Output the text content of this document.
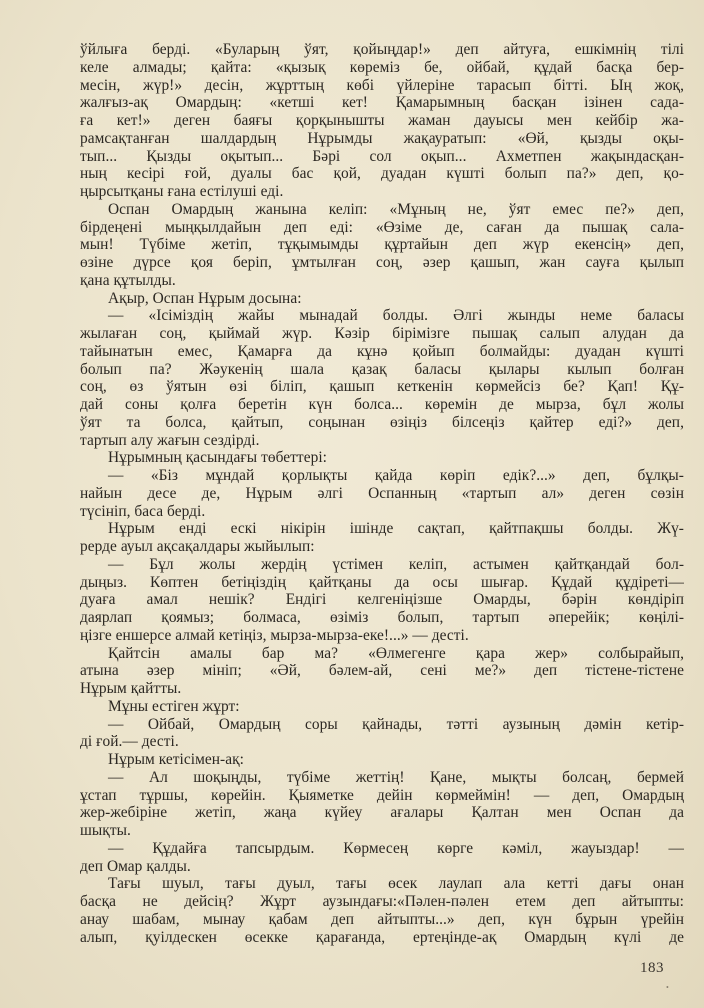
ўйлыға берді. «Буларың ўят, қойыңдар!» деп айтуға, ешкімнің тілі
келе алмады; қайта: «қызық көреміз бе, ойбай, құдай басқа бер-
месін, жүр!» десін, жұрттың көбі үйлеріне тарасып бітті. Ың жоқ,
жалғыз-ақ Омардың: «кетші кет! Қамарымның басқан ізінен сада-
ға кет!» деген баяғы қорқынышты жаман дауысы мен кейбір жа-
рамсақтанған шалдардың Нұрымды жақауратып: «Өй, қызды оқы-
тып... Қызды оқытып... Бәрі сол оқып... Ахметпен жақындасқан-
ның кесірі ғой, дуалы бас қой, дуадан күшті болып па?» деп, қо-
ңырсытқаны ғана естілуші еді.
Оспан Омардың жанына келіп: «Мұның не, ўят емес пе?» деп,
бірдеңені мыңқылдайын деп еді: «Өзіме де, саған да пышақ сала-
мын! Түбіме жетіп, тұқымымды құртайын деп жүр екенсің» деп,
өзіне дүрсе қоя беріп, ұмтылған соң, әзер қашып, жан сауға қылып
қана құтылды.
Ақыр, Оспан Нұрым досына:
— «Ісіміздің жайы мынадай болды. Әлгі жынды неме баласы
жылаған соң, қыймай жүр. Кәзір бірімізге пышақ салып алудан да
тайынатын емес, Қамарға да кұнә қойып болмайды: дуадан күшті
болып па? Жәукенің шала қазақ баласы қылары кылып болған
соң, өз ўятын өзі біліп, қашып кеткенін көрмейсіз бе? Қап! Құ-
дай соны қолға беретін күн болса... көремін де мырза, бұл жолы
ўят та болса, қайтып, соңынан өзіңіз білсеңіз қайтер еді?» деп,
тартып алу жағын сездірді.
Нұрымның қасындағы төбеттері:
— «Біз мұндай қорлықты қайда көріп едік?...» деп, бұлқы-
найын десе де, Нұрым әлгі Оспанның «тартып ал» деген сөзін
түсініп, баса берді.
Нұрым енді ескі нікірін ішінде сақтап, қайтпақшы болды. Жү-
рерде ауыл ақсақалдары жыйылып:
— Бұл жолы жердің үстімен келіп, астымен қайтқандай бол-
дыңыз. Көптен бетіңіздің қайтқаны да осы шығар. Құдай құдіреті—
дуаға амал нешік? Ендігі келгеніңізше Омарды, бәрін көндіріп
даярлап қоямыз; болмаса, өзіміз болып, тартып әперейік; көңілі-
ңізге еншерсе алмай кетіңіз, мырза-мырза-еке!...» — десті.
Қайтсін амалы бар ма? «Өлмегенге қара жер» солбырайып,
атына әзер мініп; «Әй, бәлем-ай, сені ме?» деп тістене-тістене
Нұрым қайтты.
Мұны естіген жұрт:
— Ойбай, Омардың соры қайнады, тәтті аузының дәмін кетір-
ді ғой.— десті.
Нұрым кетісімен-ақ:
— Ал шоқыңды, түбіме жеттің! Қане, мықты болсаң, бермей
ұстап тұршы, көрейін. Қыяметке дейін көрмеймін! — деп, Омардың
жер-жебіріне жетіп, жаңа күйеу ағалары Қалтан мен Оспан да
шықты.
— Құдайға тапсырдым. Көрмесең көрге кәміл, жауыздар! —
деп Омар қалды.
Тағы шуыл, тағы дуыл, тағы өсек лаулап ала кетті дағы онан
басқа не дейсің? Жұрт аузындағы:«Пәлен-пәлен етем деп айтыпты:
анау шабам, мынау қабам деп айтыпты...» деп, күн бұрын үрейін
алып, қуілдескен өсекке қарағанда, ертеңінде-ақ Омардың күлі де
183
•
